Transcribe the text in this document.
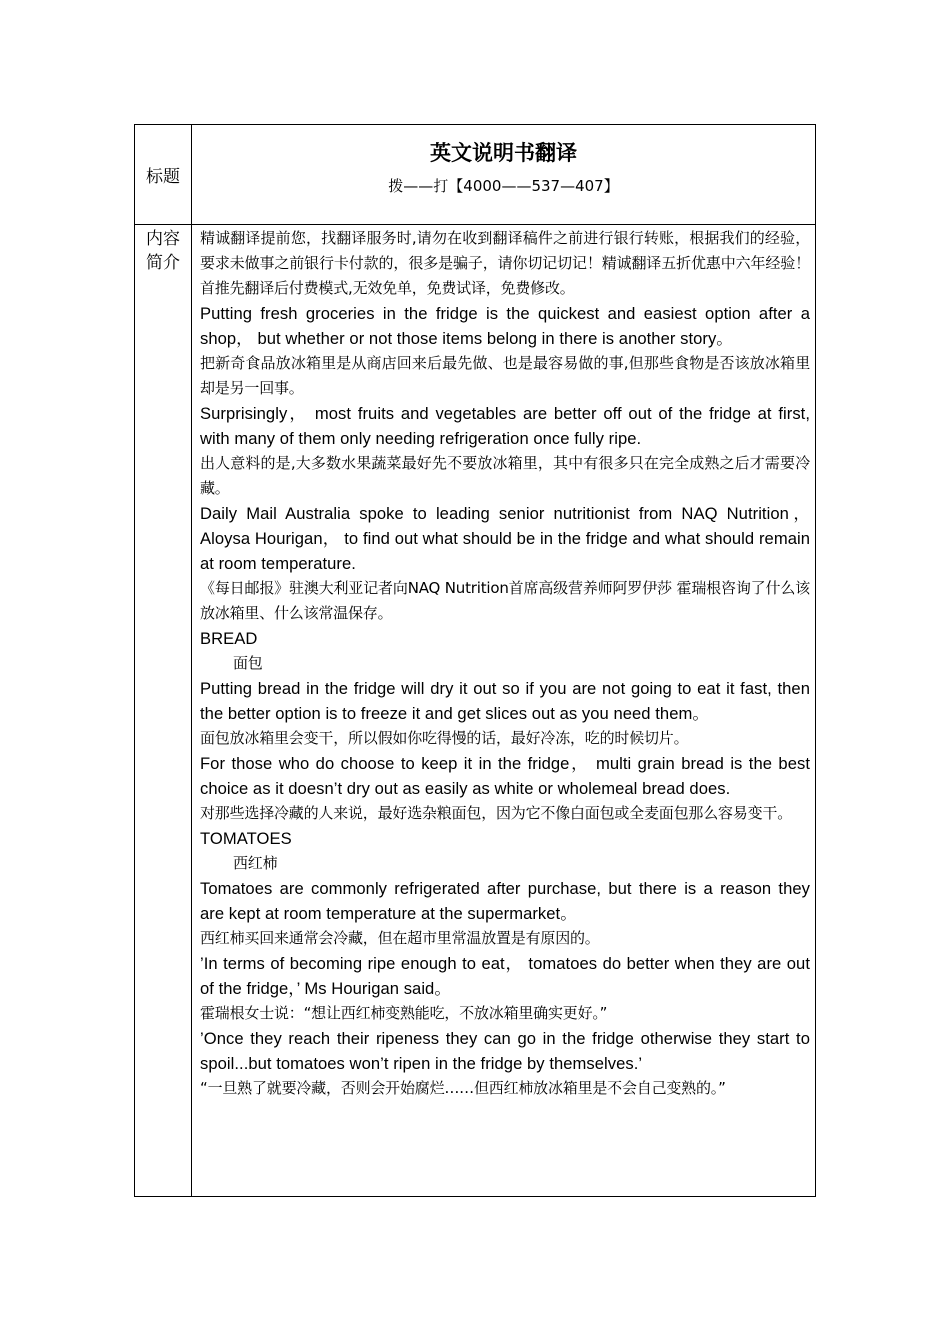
标题
英文说明书翻译
拨——打【4000——537—407】
内容
简介

精诚翻译提前您，找翻译服务时,请勿在收到翻译稿件之前进行银行转账，根据我们的经验，要求未做事之前银行卡付款的，很多是骗子，请你切记切记！精诚翻译五折优惠中六年经验！首推先翻译后付费模式,无效免单，免费试译，免费修改。

Putting fresh groceries in the fridge is the quickest and easiest option after a shop， but whether or not those items belong in there is another story。

把新奇食品放冰箱里是从商店回来后最先做、也是最容易做的事,但那些食物是否该放冰箱里却是另一回事。

Surprisingly， most fruits and vegetables are better off out of the fridge at first, with many of them only needing refrigeration once fully ripe.

出人意料的是,大多数水果蔬菜最好先不要放冰箱里，其中有很多只在完全成熟之后才需要冷藏。

Daily Mail Australia spoke to leading senior nutritionist from NAQ Nutrition， Aloysa Hourigan， to find out what should be in the fridge and what should remain at room temperature.

《每日邮报》驻澳大利亚记者向NAQ Nutrition首席高级营养师阿罗伊莎 霍瑞根咨询了什么该放冰箱里、什么该常温保存。

BREAD

面包

Putting bread in the fridge will dry it out so if you are not going to eat it fast, then the better option is to freeze it and get slices out as you need them。

面包放冰箱里会变干，所以假如你吃得慢的话，最好冷冻，吃的时候切片。

For those who do choose to keep it in the fridge， multi grain bread is the best choice as it doesn’t dry out as easily as white or wholemeal bread does.

对那些选择冷藏的人来说，最好选杂粮面包，因为它不像白面包或全麦面包那么容易变干。

TOMATOES

西红柿

Tomatoes are commonly refrigerated after purchase, but there is a reason they are kept at room temperature at the supermarket。

西红柿买回来通常会冷藏，但在超市里常温放置是有原因的。

’In terms of becoming ripe enough to eat， tomatoes do better when they are out of the fridge，’ Ms Hourigan said。

霍瑞根女士说：“想让西红柿变熟能吃，不放冰箱里确实更好。”

’Once they reach their ripeness they can go in the fridge otherwise they start to spoil...but tomatoes won’t ripen in the fridge by themselves.’

“一旦熟了就要冷藏，否则会开始腐烂……但西红柿放冰箱里是不会自己变熟的。”
